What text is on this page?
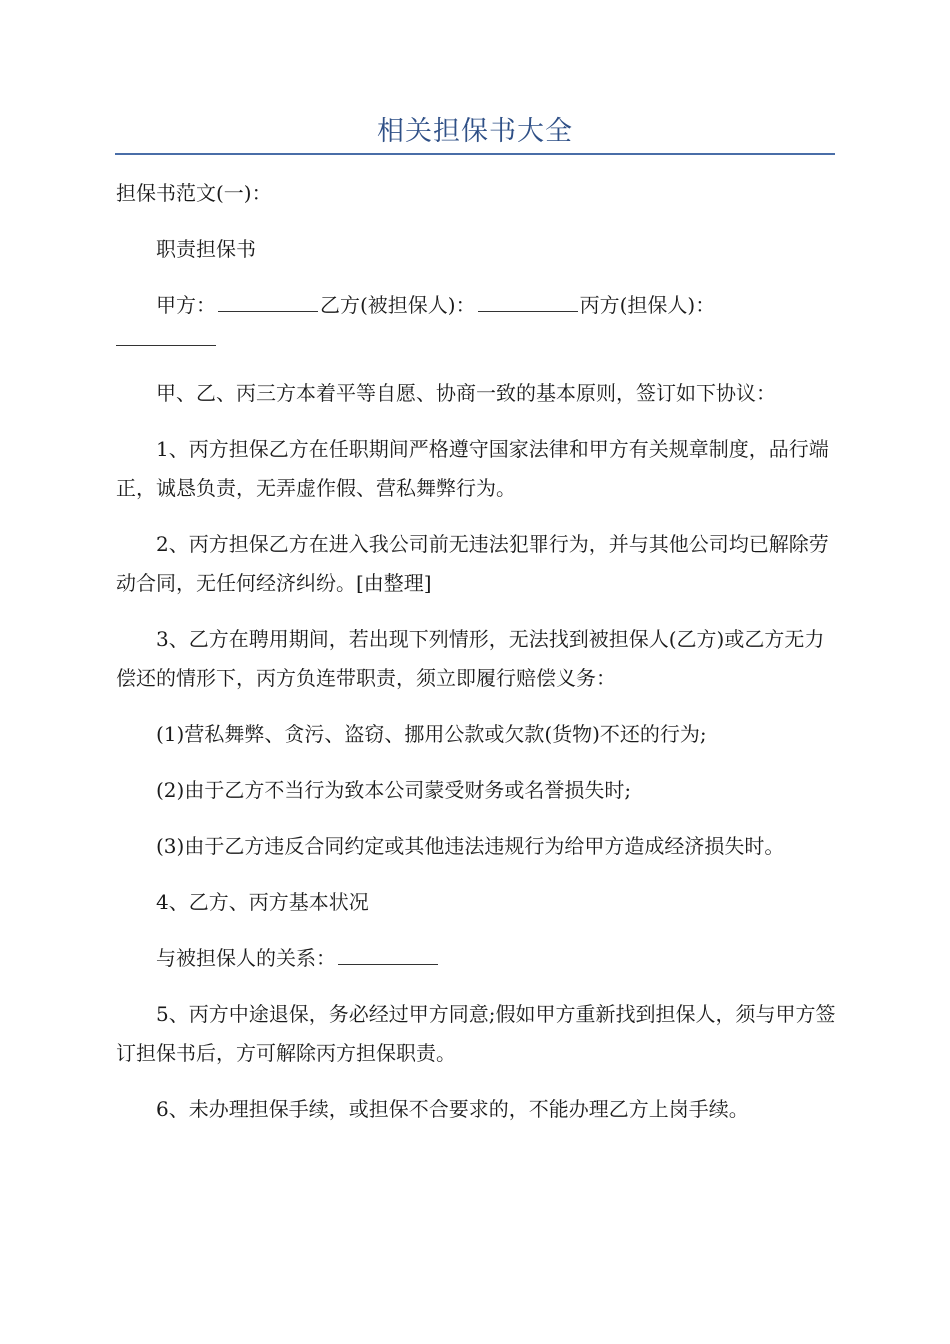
相关担保书大全

担保书范文(一)：

职责担保书

甲方：	乙方(被担保人)：	丙方(担保人)：

甲、乙、丙三方本着平等自愿、协商一致的基本原则，签订如下协议：

1、丙方担保乙方在任职期间严格遵守国家法律和甲方有关规章制度，品行端正，诚恳负责，无弄虚作假、营私舞弊行为。

2、丙方担保乙方在进入我公司前无违法犯罪行为，并与其他公司均已解除劳动合同，无任何经济纠纷。[由整理]

3、乙方在聘用期间，若出现下列情形，无法找到被担保人(乙方)或乙方无力偿还的情形下，丙方负连带职责，须立即履行赔偿义务：

(1)营私舞弊、贪污、盗窃、挪用公款或欠款(货物)不还的行为;

(2)由于乙方不当行为致本公司蒙受财务或名誉损失时;

(3)由于乙方违反合同约定或其他违法违规行为给甲方造成经济损失时。

4、乙方、丙方基本状况

与被担保人的关系：

5、丙方中途退保，务必经过甲方同意;假如甲方重新找到担保人，须与甲方签订担保书后，方可解除丙方担保职责。

6、未办理担保手续，或担保不合要求的，不能办理乙方上岗手续。
